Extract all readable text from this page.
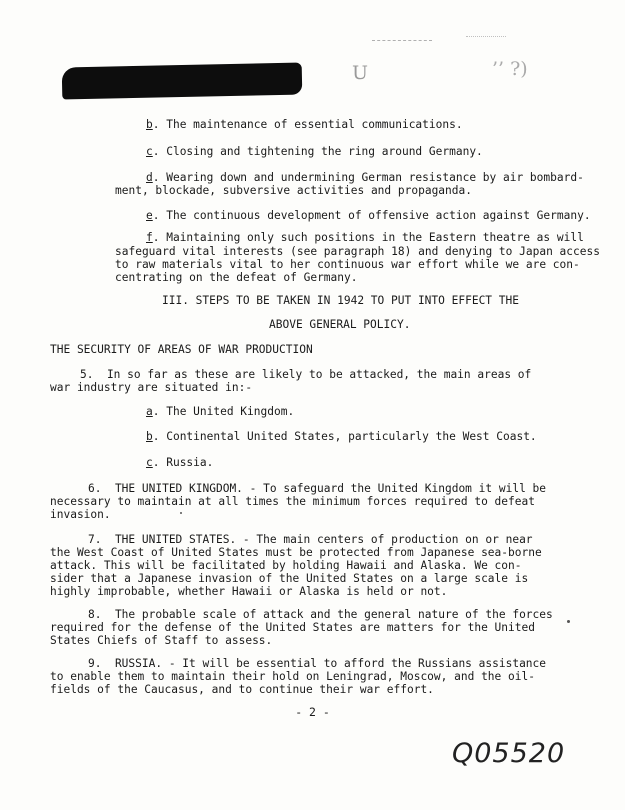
U	’’ ?)
b. The maintenance of essential communications.
c. Closing and tightening the ring around Germany.
d. Wearing down and undermining German resistance by air bombard-
ment, blockade, subversive activities and propaganda.
e. The continuous development of offensive action against Germany.
f. Maintaining only such positions in the Eastern theatre as will
safeguard vital interests (see paragraph 18) and denying to Japan access
to raw materials vital to her continuous war effort while we are con-
centrating on the defeat of Germany.
III. STEPS TO BE TAKEN IN 1942 TO PUT INTO EFFECT THE
ABOVE GENERAL POLICY.
THE SECURITY OF AREAS OF WAR PRODUCTION
5.  In so far as these are likely to be attacked, the main areas of
war industry are situated in:-
a. The United Kingdom.
b. Continental United States, particularly the West Coast.
c. Russia.
6.  THE UNITED KINGDOM. - To safeguard the United Kingdom it will be
necessary to maintain at all times the minimum forces required to defeat
invasion.
7.  THE UNITED STATES. - The main centers of production on or near
the West Coast of United States must be protected from Japanese sea-borne
attack. This will be facilitated by holding Hawaii and Alaska. We con-
sider that a Japanese invasion of the United States on a large scale is
highly improbable, whether Hawaii or Alaska is held or not.
8.  The probable scale of attack and the general nature of the forces
required for the defense of the United States are matters for the United
States Chiefs of Staff to assess.
9.  RUSSIA. - It will be essential to afford the Russians assistance
to enable them to maintain their hold on Leningrad, Moscow, and the oil-
fields of the Caucasus, and to continue their war effort.
- 2 -
Q05520
